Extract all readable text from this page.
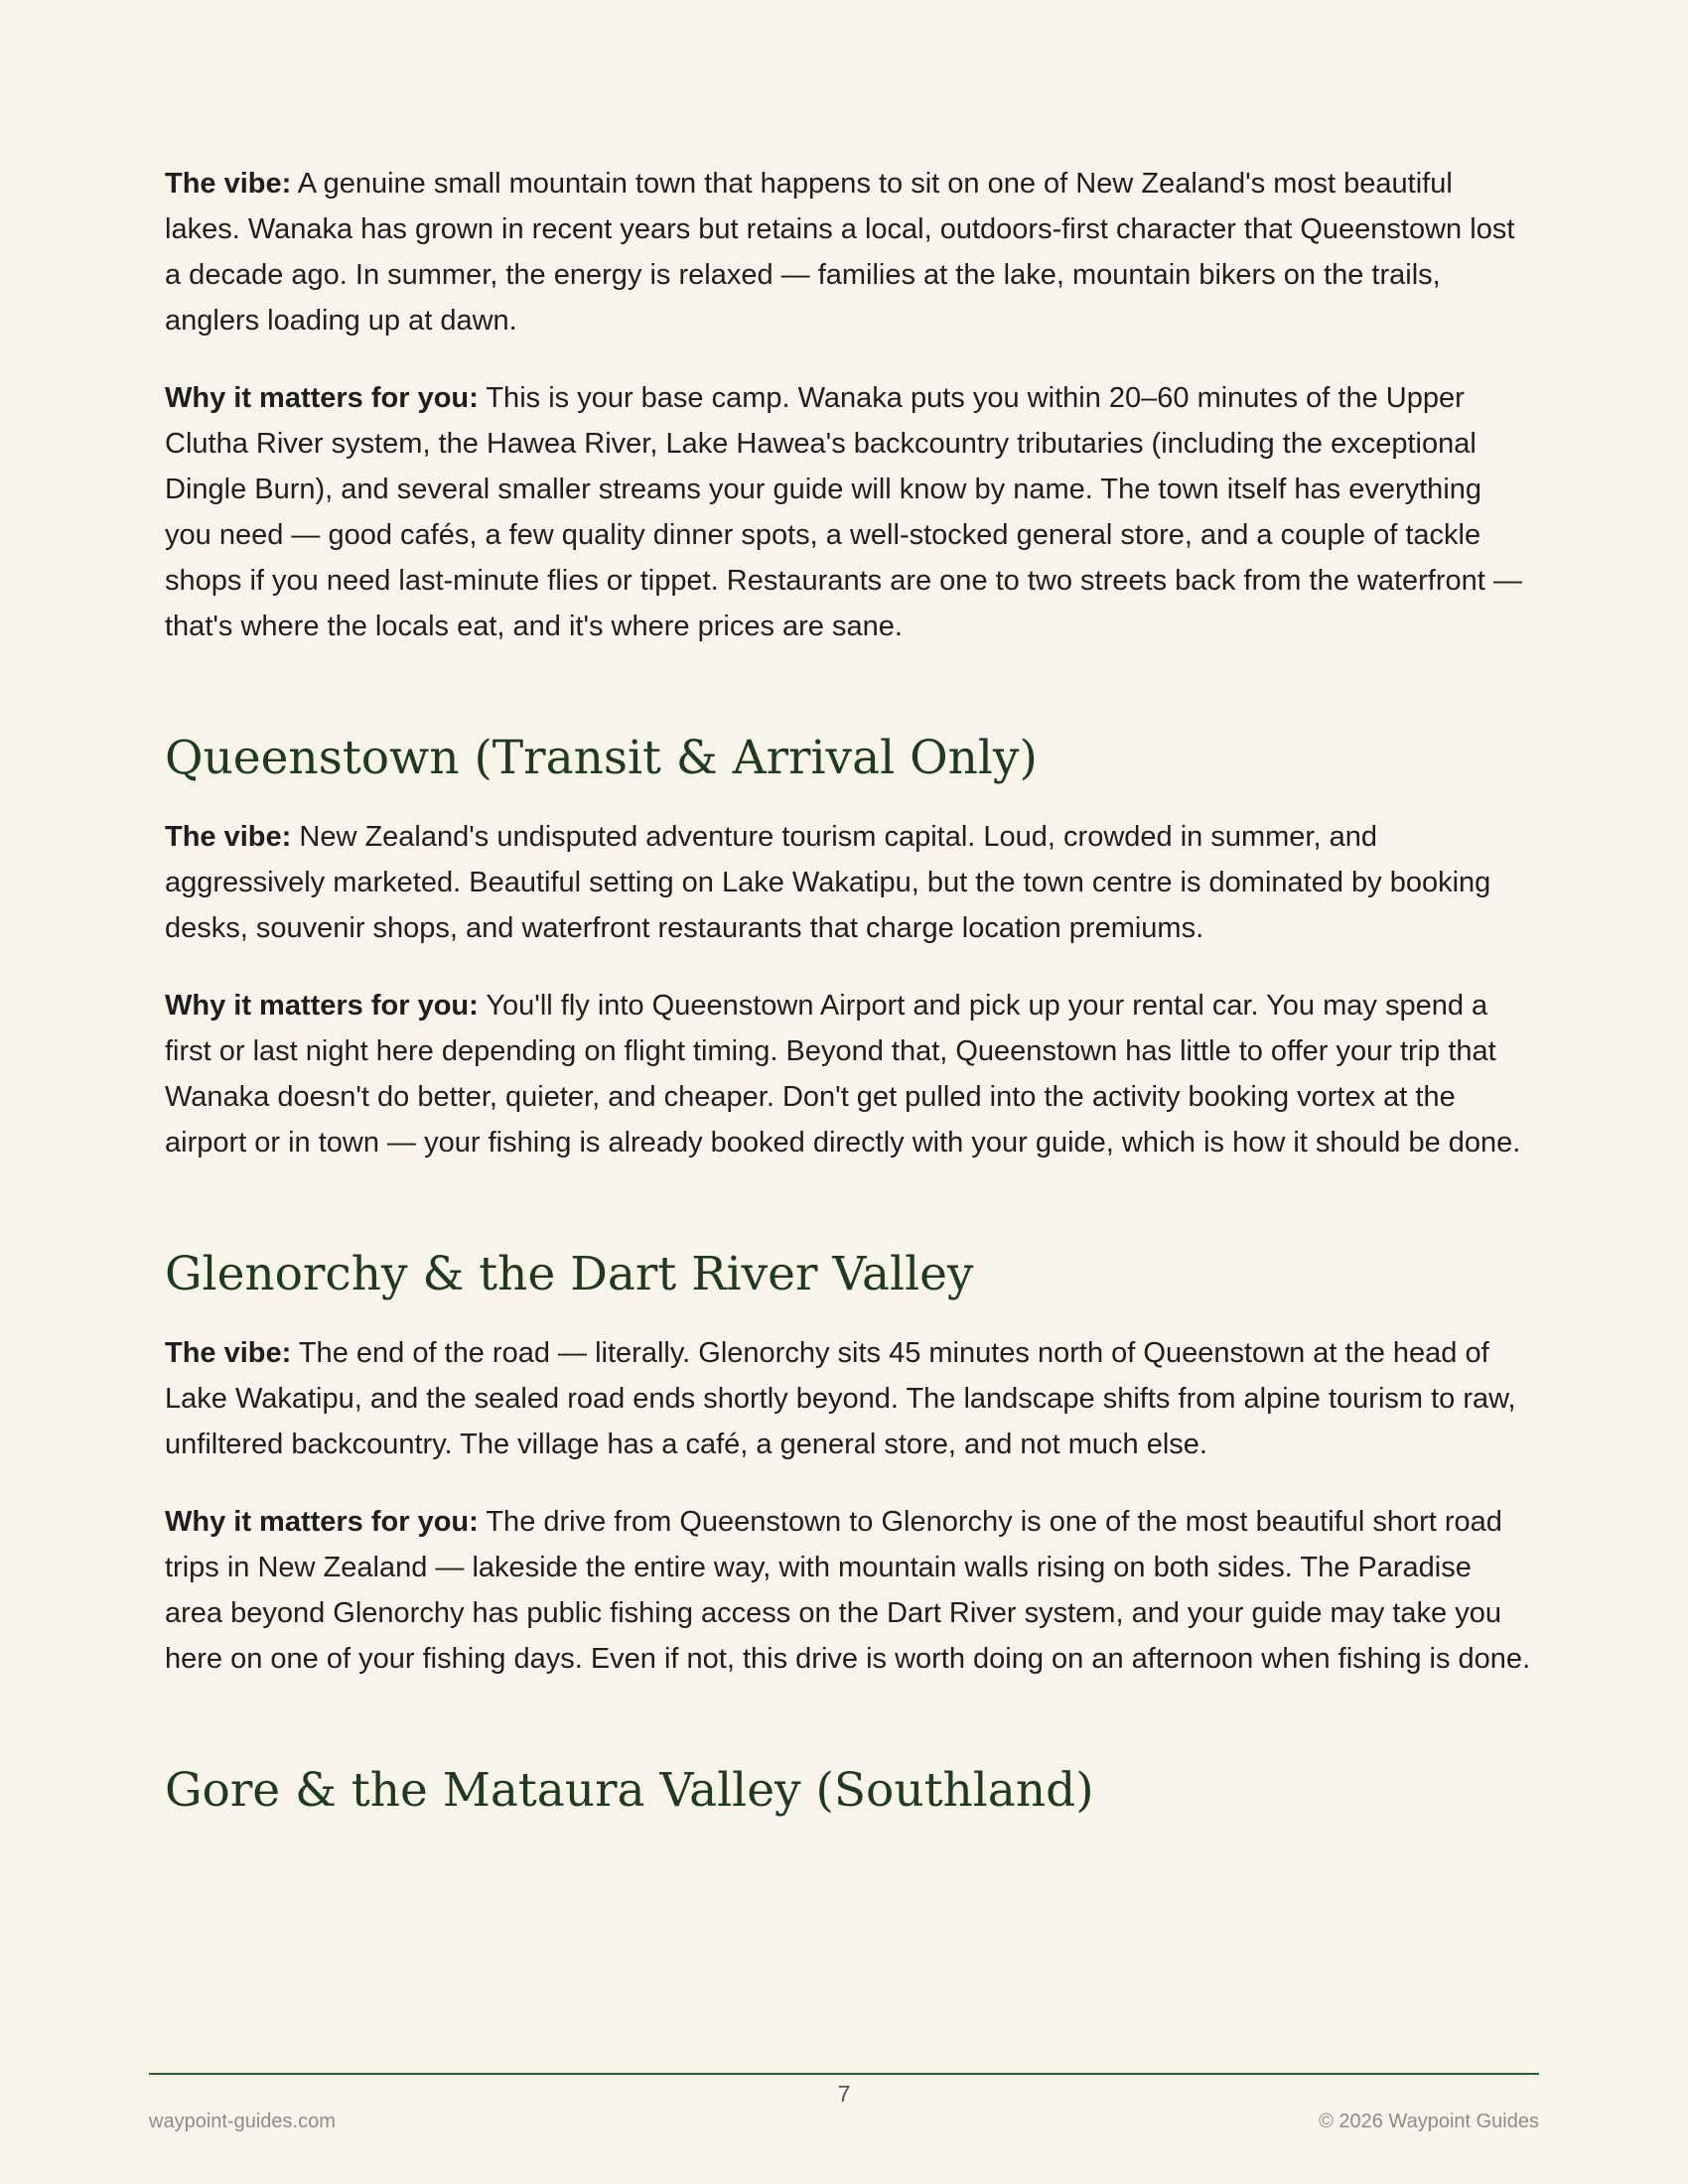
The vibe: A genuine small mountain town that happens to sit on one of New Zealand's most beautiful lakes. Wanaka has grown in recent years but retains a local, outdoors-first character that Queenstown lost a decade ago. In summer, the energy is relaxed — families at the lake, mountain bikers on the trails, anglers loading up at dawn.

Why it matters for you: This is your base camp. Wanaka puts you within 20–60 minutes of the Upper Clutha River system, the Hawea River, Lake Hawea's backcountry tributaries (including the exceptional Dingle Burn), and several smaller streams your guide will know by name. The town itself has everything you need — good cafés, a few quality dinner spots, a well-stocked general store, and a couple of tackle shops if you need last-minute flies or tippet. Restaurants are one to two streets back from the waterfront — that's where the locals eat, and it's where prices are sane.

Queenstown (Transit & Arrival Only)

The vibe: New Zealand's undisputed adventure tourism capital. Loud, crowded in summer, and aggressively marketed. Beautiful setting on Lake Wakatipu, but the town centre is dominated by booking desks, souvenir shops, and waterfront restaurants that charge location premiums.

Why it matters for you: You'll fly into Queenstown Airport and pick up your rental car. You may spend a first or last night here depending on flight timing. Beyond that, Queenstown has little to offer your trip that Wanaka doesn't do better, quieter, and cheaper. Don't get pulled into the activity booking vortex at the airport or in town — your fishing is already booked directly with your guide, which is how it should be done.

Glenorchy & the Dart River Valley

The vibe: The end of the road — literally. Glenorchy sits 45 minutes north of Queenstown at the head of Lake Wakatipu, and the sealed road ends shortly beyond. The landscape shifts from alpine tourism to raw, unfiltered backcountry. The village has a café, a general store, and not much else.

Why it matters for you: The drive from Queenstown to Glenorchy is one of the most beautiful short road trips in New Zealand — lakeside the entire way, with mountain walls rising on both sides. The Paradise area beyond Glenorchy has public fishing access on the Dart River system, and your guide may take you here on one of your fishing days. Even if not, this drive is worth doing on an afternoon when fishing is done.

Gore & the Mataura Valley (Southland)
7
waypoint-guides.com	© 2026 Waypoint Guides
